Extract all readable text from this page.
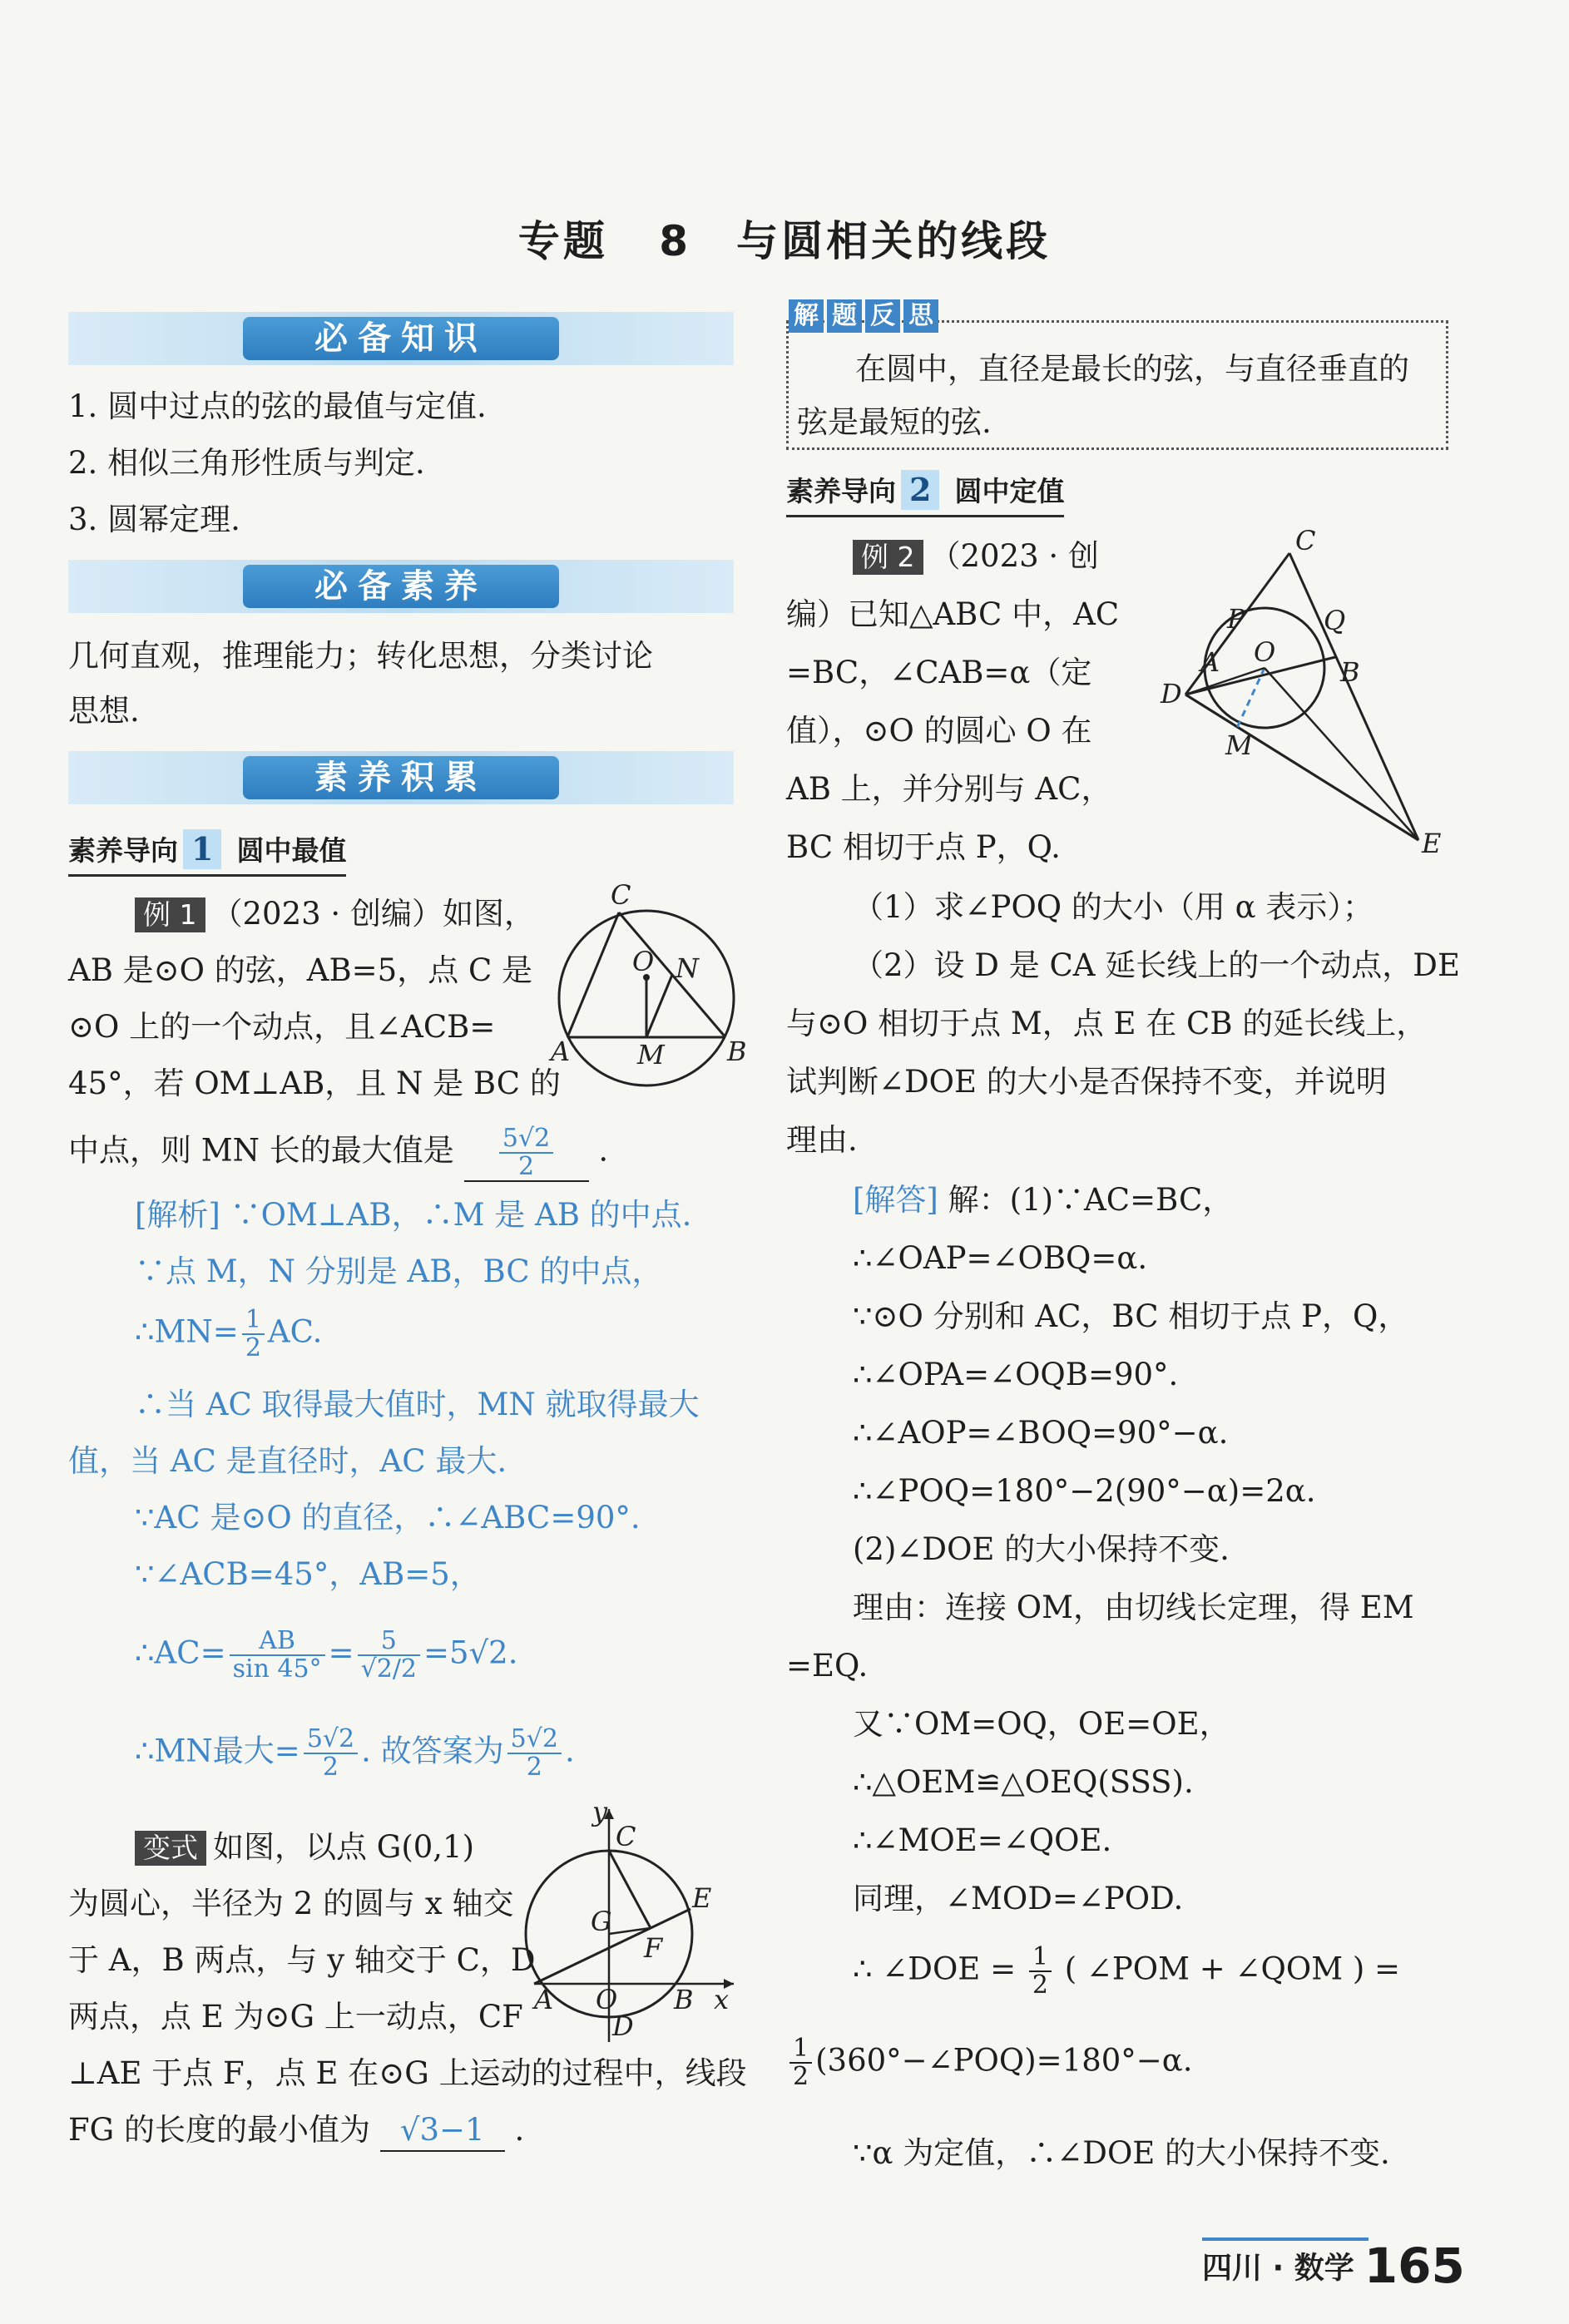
专题 8　与圆相关的线段
必备知识
1. 圆中过点的弦的最值与定值.
2. 相似三角形性质与判定.
3. 圆幂定理.
必备素养
几何直观，推理能力；转化思想，分类讨论
思想.
素养积累
素养导向 1 圆中最值
例 1 （2023 · 创编）如图，
AB 是⊙O 的弦，AB=5，点 C 是
⊙O 上的一个动点，且∠ACB=
45°，若 OM⊥AB，且 N 是 BC 的
C
O N
A	M B
中点，则 MN 长的最大值是 $\frac{5√2}{2}$ .
[解析] ∵OM⊥AB，∴M 是 AB 的中点.
∵点 M，N 分别是 AB，BC 的中点，
∴MN= $\frac{1}{2}$ AC.
∴当 AC 取得最大值时，MN 就取得最大
值，当 AC 是直径时，AC 最大.
∵AC 是⊙O 的直径，∴∠ABC=90°.
∵∠ACB=45°，AB=5，
∴AC= $\frac{AB}{\sin 45^\circ} = \frac{5}{√2/2} =5√2$.
∴MN最大= $\frac{5√2}{2}$ . 故答案为 $\frac{5√2}{2}$ .
变式 如图，以点 G(0,1)
为圆心，半径为 2 的圆与 x 轴交
于 A，B 两点，与 y 轴交于 C，D
两点，点 E 为⊙G 上一动点，CF
⊥AE 于点 F，点 E 在⊙G 上运动的过程中，线段
FG 的长度的最小值为 √3−1 .
y
C
G
E
F
A O B x
D
解 题 反 思
在圆中，直径是最长的弦，与直径垂直的
弦是最短的弦.
素养导向 2 圆中定值
例 2 （2023 · 创
编）已知△ABC 中，AC
=BC，∠CAB=α（定
值），⊙O 的圆心 O 在
AB 上，并分别与 AC，
BC 相切于点 P，Q.
C
P	Q
O
A	B
D
M
E
（1）求∠POQ 的大小（用 α 表示）；
（2）设 D 是 CA 延长线上的一个动点，DE
与⊙O 相切于点 M，点 E 在 CB 的延长线上，
试判断∠DOE 的大小是否保持不变，并说明
理由.
[解答] 解：(1)∵AC=BC，
∴∠OAP=∠OBQ=α.
∵⊙O 分别和 AC，BC 相切于点 P，Q，
∴∠OPA=∠OQB=90°.
∴∠AOP=∠BOQ=90°−α.
∴∠POQ=180°−2(90°−α)=2α.
(2)∠DOE 的大小保持不变.
理由：连接 OM，由切线长定理，得 EM
=EQ.
又∵OM=OQ，OE=OE，
∴△OEM≌△OEQ(SSS).
∴∠MOE=∠QOE.
同理，∠MOD=∠POD.
∴ ∠DOE = $\frac{1}{2}$ ( ∠POM + ∠QOM ) =
$\frac{1}{2}$ (360°−∠POQ)=180°−α.
∵α 为定值，∴∠DOE 的大小保持不变.
四川 · 数学 165
